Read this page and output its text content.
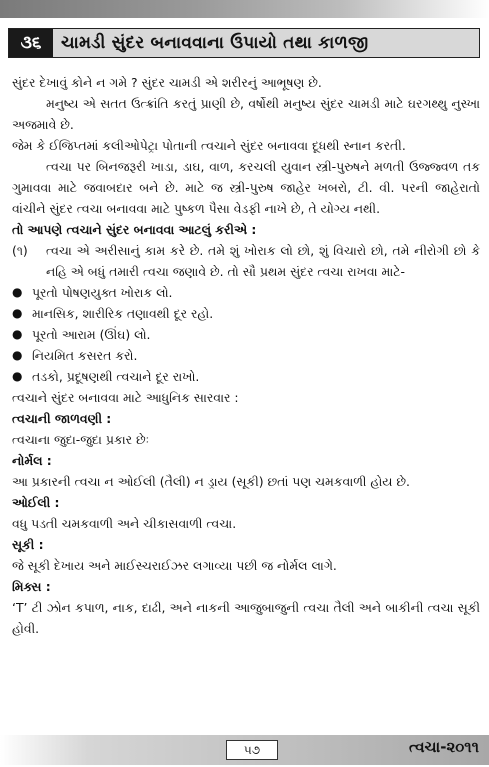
૩૬	ચામડી સુંદર બનાવવાના ઉપાયો તથા કાળજી

સુંદર દેખાવું કોને ન ગમે ? સુંદર ચામડી એ શરીરનું આભૂષણ છે.

મનુષ્ય એ સતત ઉત્ક્રાંતિ કરતું પ્રાણી છે, વર્ષોથી મનુષ્ય સુંદર ચામડી માટે ઘરગથ્થુ નુસ્ખા અજમાવે છે.

જેમ કે ઈજિપ્તમાં કલીઓપેટ્રા પોતાની ત્વચાને સુંદર બનાવવા દૂધથી સ્નાન કરતી.

ત્વચા પર બિનજરૂરી ખાડા, ડાઘ, વાળ, કરચલી યુવાન સ્ત્રી-પુરુષને મળતી ઉજ્જ્વળ તક ગુમાવવા માટે જવાબદાર બને છે. માટે જ સ્ત્રી-પુરુષ જાહેર ખબરો, ટી. વી. પરની જાહેરાતો વાંચીને સુંદર ત્વચા બનાવવા માટે પુષ્કળ પૈસા વેડફી નાખે છે, તે યોગ્ય નથી.

તો આપણે ત્વચાને સુંદર બનાવવા આટલું કરીએ :

(૧)	ત્વચા એ અરીસાનું કામ કરે છે. તમે શું ખોરાક લો છો, શું વિચારો છો, તમે નીરોગી છો કે નહિ એ બધું તમારી ત્વચા જણાવે છે. તો સૌ પ્રથમ સુંદર ત્વચા રાખવા માટે-
● પૂરતો પોષણયુક્ત ખોરાક લો.
● માનસિક, શારીરિક તણાવથી દૂર રહો.
● પૂરતો આરામ (ઊંઘ) લો.
● નિયમિત કસરત કરો.
● તડકો, પ્રદૂષણથી ત્વચાને દૂર રાખો.

ત્વચાને સુંદર બનાવવા માટે આધુનિક સારવાર :

ત્વચાની જાળવણી :

ત્વચાના જુદા-જુદા પ્રકાર છેઃ

નોર્મલ :

આ પ્રકારની ત્વચા ન ઓઈલી (તૈલી) ન ડ્રાય (સૂકી) છતાં પણ ચમકવાળી હોય છે.

ઓઈલી :

વધુ પડતી ચમકવાળી અને ચીકાસવાળી ત્વચા.

સૂકી :

જે સૂકી દેખાય અને માઈસ્ચરાઈઝર લગાવ્યા પછી જ નોર્મલ લાગે.

મિક્સ :

‘T’ ટી ઝોન કપાળ, નાક, દાઢી, અને નાકની આજુબાજુની ત્વચા તૈલી અને બાકીની ત્વચા સૂકી હોવી.

૫૭	ત્વચા-૨૦૧૧
